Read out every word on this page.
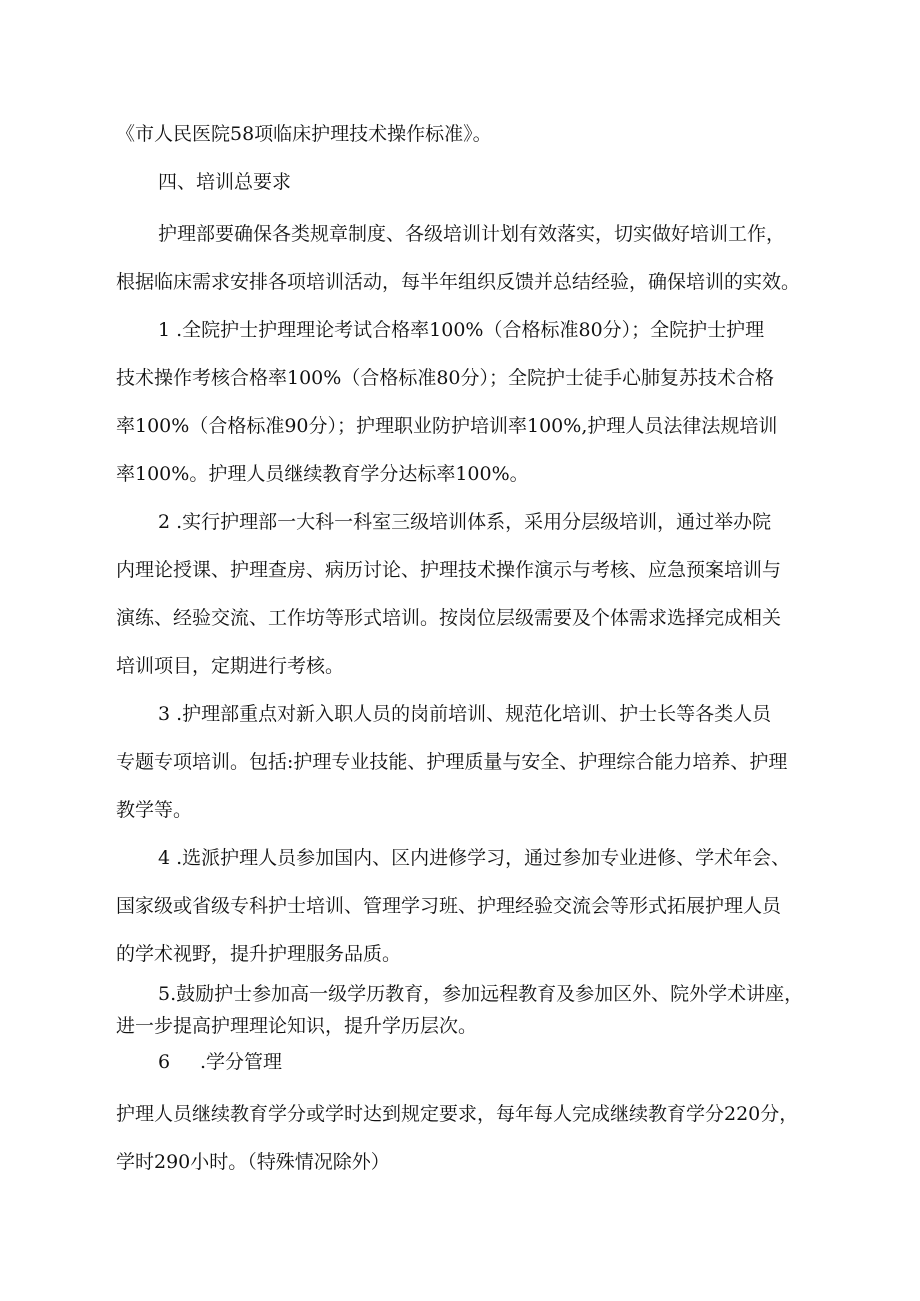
《市人民医院58项临床护理技术操作标准》。

四、培训总要求

护理部要确保各类规章制度、各级培训计划有效落实，切实做好培训工作，
根据临床需求安排各项培训活动，每半年组织反馈并总结经验，确保培训的实效。

1 .全院护士护理理论考试合格率100%（合格标准80分）；全院护士护理
技术操作考核合格率100%（合格标准80分）；全院护士徒手心肺复苏技术合格
率100%（合格标准90分）；护理职业防护培训率100%,护理人员法律法规培训
率100%。护理人员继续教育学分达标率100%。

2 .实行护理部一大科一科室三级培训体系，采用分层级培训，通过举办院
内理论授课、护理查房、病历讨论、护理技术操作演示与考核、应急预案培训与
演练、经验交流、工作坊等形式培训。按岗位层级需要及个体需求选择完成相关
培训项目，定期进行考核。

3 .护理部重点对新入职人员的岗前培训、规范化培训、护士长等各类人员
专题专项培训。包括:护理专业技能、护理质量与安全、护理综合能力培养、护理
教学等。

4 .选派护理人员参加国内、区内进修学习，通过参加专业进修、学术年会、
国家级或省级专科护士培训、管理学习班、护理经验交流会等形式拓展护理人员
的学术视野，提升护理服务品质。

5.鼓励护士参加高一级学历教育，参加远程教育及参加区外、院外学术讲座，
进一步提高护理理论知识，提升学历层次。

6 .学分管理

护理人员继续教育学分或学时达到规定要求，每年每人完成继续教育学分220分，
学时290小时。（特殊情况除外）
